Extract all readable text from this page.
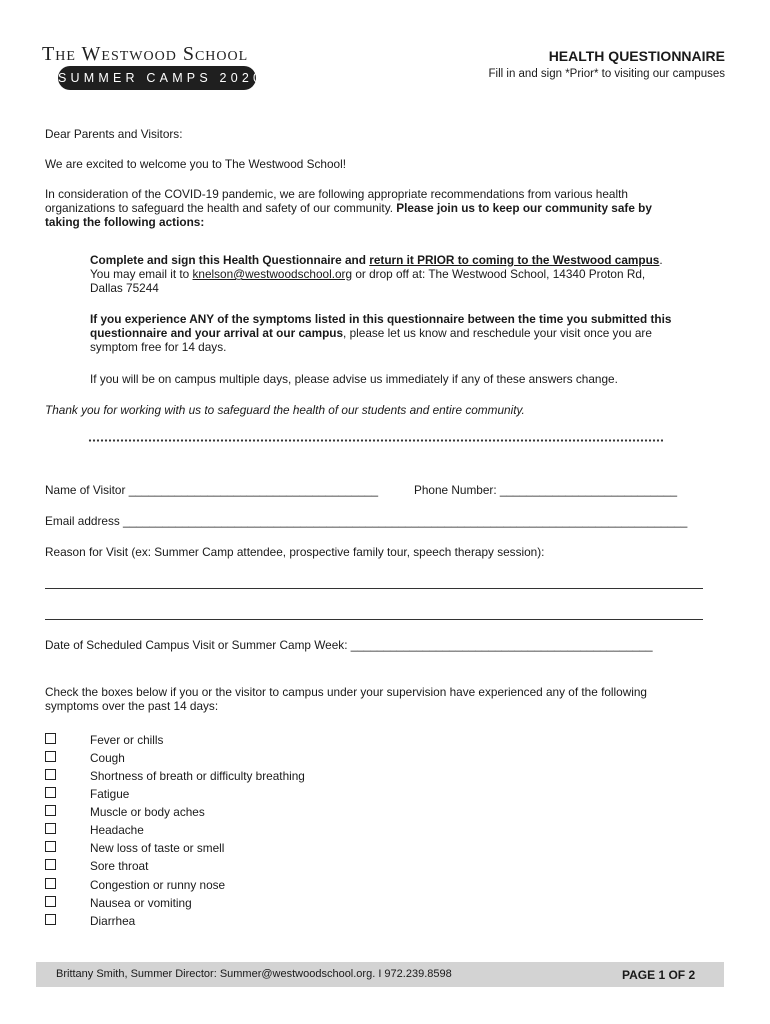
The Westwood School
SUMMER CAMPS 2020
HEALTH QUESTIONNAIRE
Fill in and sign *Prior* to visiting our campuses
Dear Parents and Visitors:
We are excited to welcome you to The Westwood School!
In consideration of the COVID-19 pandemic, we are following appropriate recommendations from various health
organizations to safeguard the health and safety of our community. Please join us to keep our community safe by
taking the following actions:
Complete and sign this Health Questionnaire and return it PRIOR to coming to the Westwood campus.
You may email it to knelson@westwoodschool.org or drop off at: The Westwood School, 14340 Proton Rd,
Dallas 75244
If you experience ANY of the symptoms listed in this questionnaire between the time you submitted this
questionnaire and your arrival at our campus, please let us know and reschedule your visit once you are
symptom free for 14 days.
If you will be on campus multiple days, please advise us immediately if any of these answers change.
Thank you for working with us to safeguard the health of our students and entire community.
Name of Visitor ______________________________________	Phone Number: ___________________________
Email address ______________________________________________________________________________________
Reason for Visit (ex: Summer Camp attendee, prospective family tour, speech therapy session):
Date of Scheduled Campus Visit or Summer Camp Week: ______________________________________________
Check the boxes below if you or the visitor to campus under your supervision have experienced any of the following
symptoms over the past 14 days:
Fever or chills
Cough
Shortness of breath or difficulty breathing
Fatigue
Muscle or body aches
Headache
New loss of taste or smell
Sore throat
Congestion or runny nose
Nausea or vomiting
Diarrhea
Brittany Smith, Summer Director: Summer@westwoodschool.org. I 972.239.8598	PAGE 1 OF 2
